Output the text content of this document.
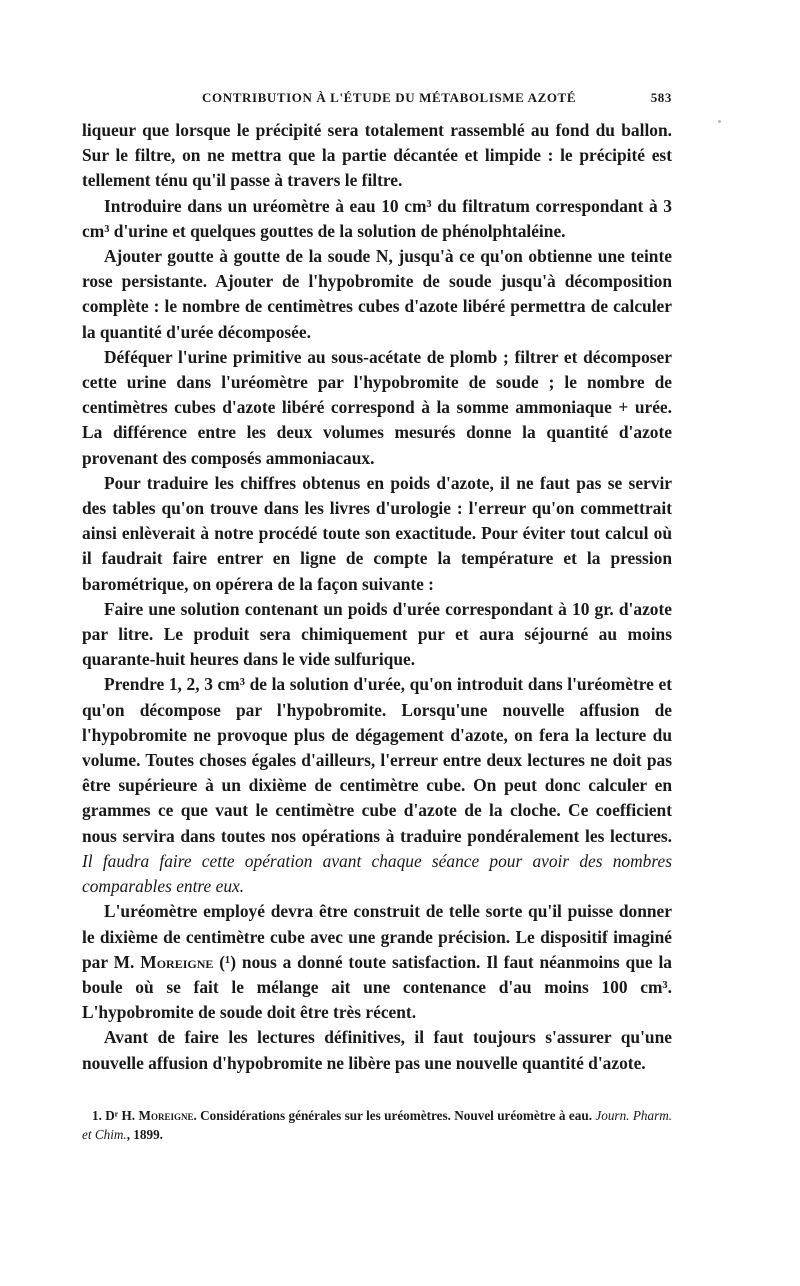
CONTRIBUTION À L'ÉTUDE DU MÉTABOLISME AZOTÉ	583

liqueur que lorsque le précipité sera totalement rassemblé au fond du ballon. Sur le filtre, on ne mettra que la partie décantée et limpide : le précipité est tellement ténu qu'il passe à travers le filtre.

Introduire dans un uréomètre à eau 10 cm³ du filtratum correspondant à 3 cm³ d'urine et quelques gouttes de la solution de phénolphtaléine.

Ajouter goutte à goutte de la soude N, jusqu'à ce qu'on obtienne une teinte rose persistante. Ajouter de l'hypobromite de soude jusqu'à décomposition complète : le nombre de centimètres cubes d'azote libéré permettra de calculer la quantité d'urée décomposée.

Déféquer l'urine primitive au sous-acétate de plomb ; filtrer et décomposer cette urine dans l'uréomètre par l'hypobromite de soude ; le nombre de centimètres cubes d'azote libéré correspond à la somme ammoniaque + urée. La différence entre les deux volumes mesurés donne la quantité d'azote provenant des composés ammoniacaux.

Pour traduire les chiffres obtenus en poids d'azote, il ne faut pas se servir des tables qu'on trouve dans les livres d'urologie : l'erreur qu'on commettrait ainsi enlèverait à notre procédé toute son exactitude. Pour éviter tout calcul où il faudrait faire entrer en ligne de compte la température et la pression barométrique, on opérera de la façon suivante :

Faire une solution contenant un poids d'urée correspondant à 10 gr. d'azote par litre. Le produit sera chimiquement pur et aura séjourné au moins quarante-huit heures dans le vide sulfurique.

Prendre 1, 2, 3 cm³ de la solution d'urée, qu'on introduit dans l'uréomètre et qu'on décompose par l'hypobromite. Lorsqu'une nouvelle affusion de l'hypobromite ne provoque plus de dégagement d'azote, on fera la lecture du volume. Toutes choses égales d'ailleurs, l'erreur entre deux lectures ne doit pas être supérieure à un dixième de centimètre cube. On peut donc calculer en grammes ce que vaut le centimètre cube d'azote de la cloche. Ce coefficient nous servira dans toutes nos opérations à traduire pondéralement les lectures. Il faudra faire cette opération avant chaque séance pour avoir des nombres comparables entre eux.

L'uréomètre employé devra être construit de telle sorte qu'il puisse donner le dixième de centimètre cube avec une grande précision. Le dispositif imaginé par M. Moreigne (¹) nous a donné toute satisfaction. Il faut néanmoins que la boule où se fait le mélange ait une contenance d'au moins 100 cm³. L'hypobromite de soude doit être très récent.

Avant de faire les lectures définitives, il faut toujours s'assurer qu'une nouvelle affusion d'hypobromite ne libère pas une nouvelle quantité d'azote.

1. Dʳ H. Moreigne. Considérations générales sur les uréomètres. Nouvel uréomètre à eau. Journ. Pharm. et Chim., 1899.
